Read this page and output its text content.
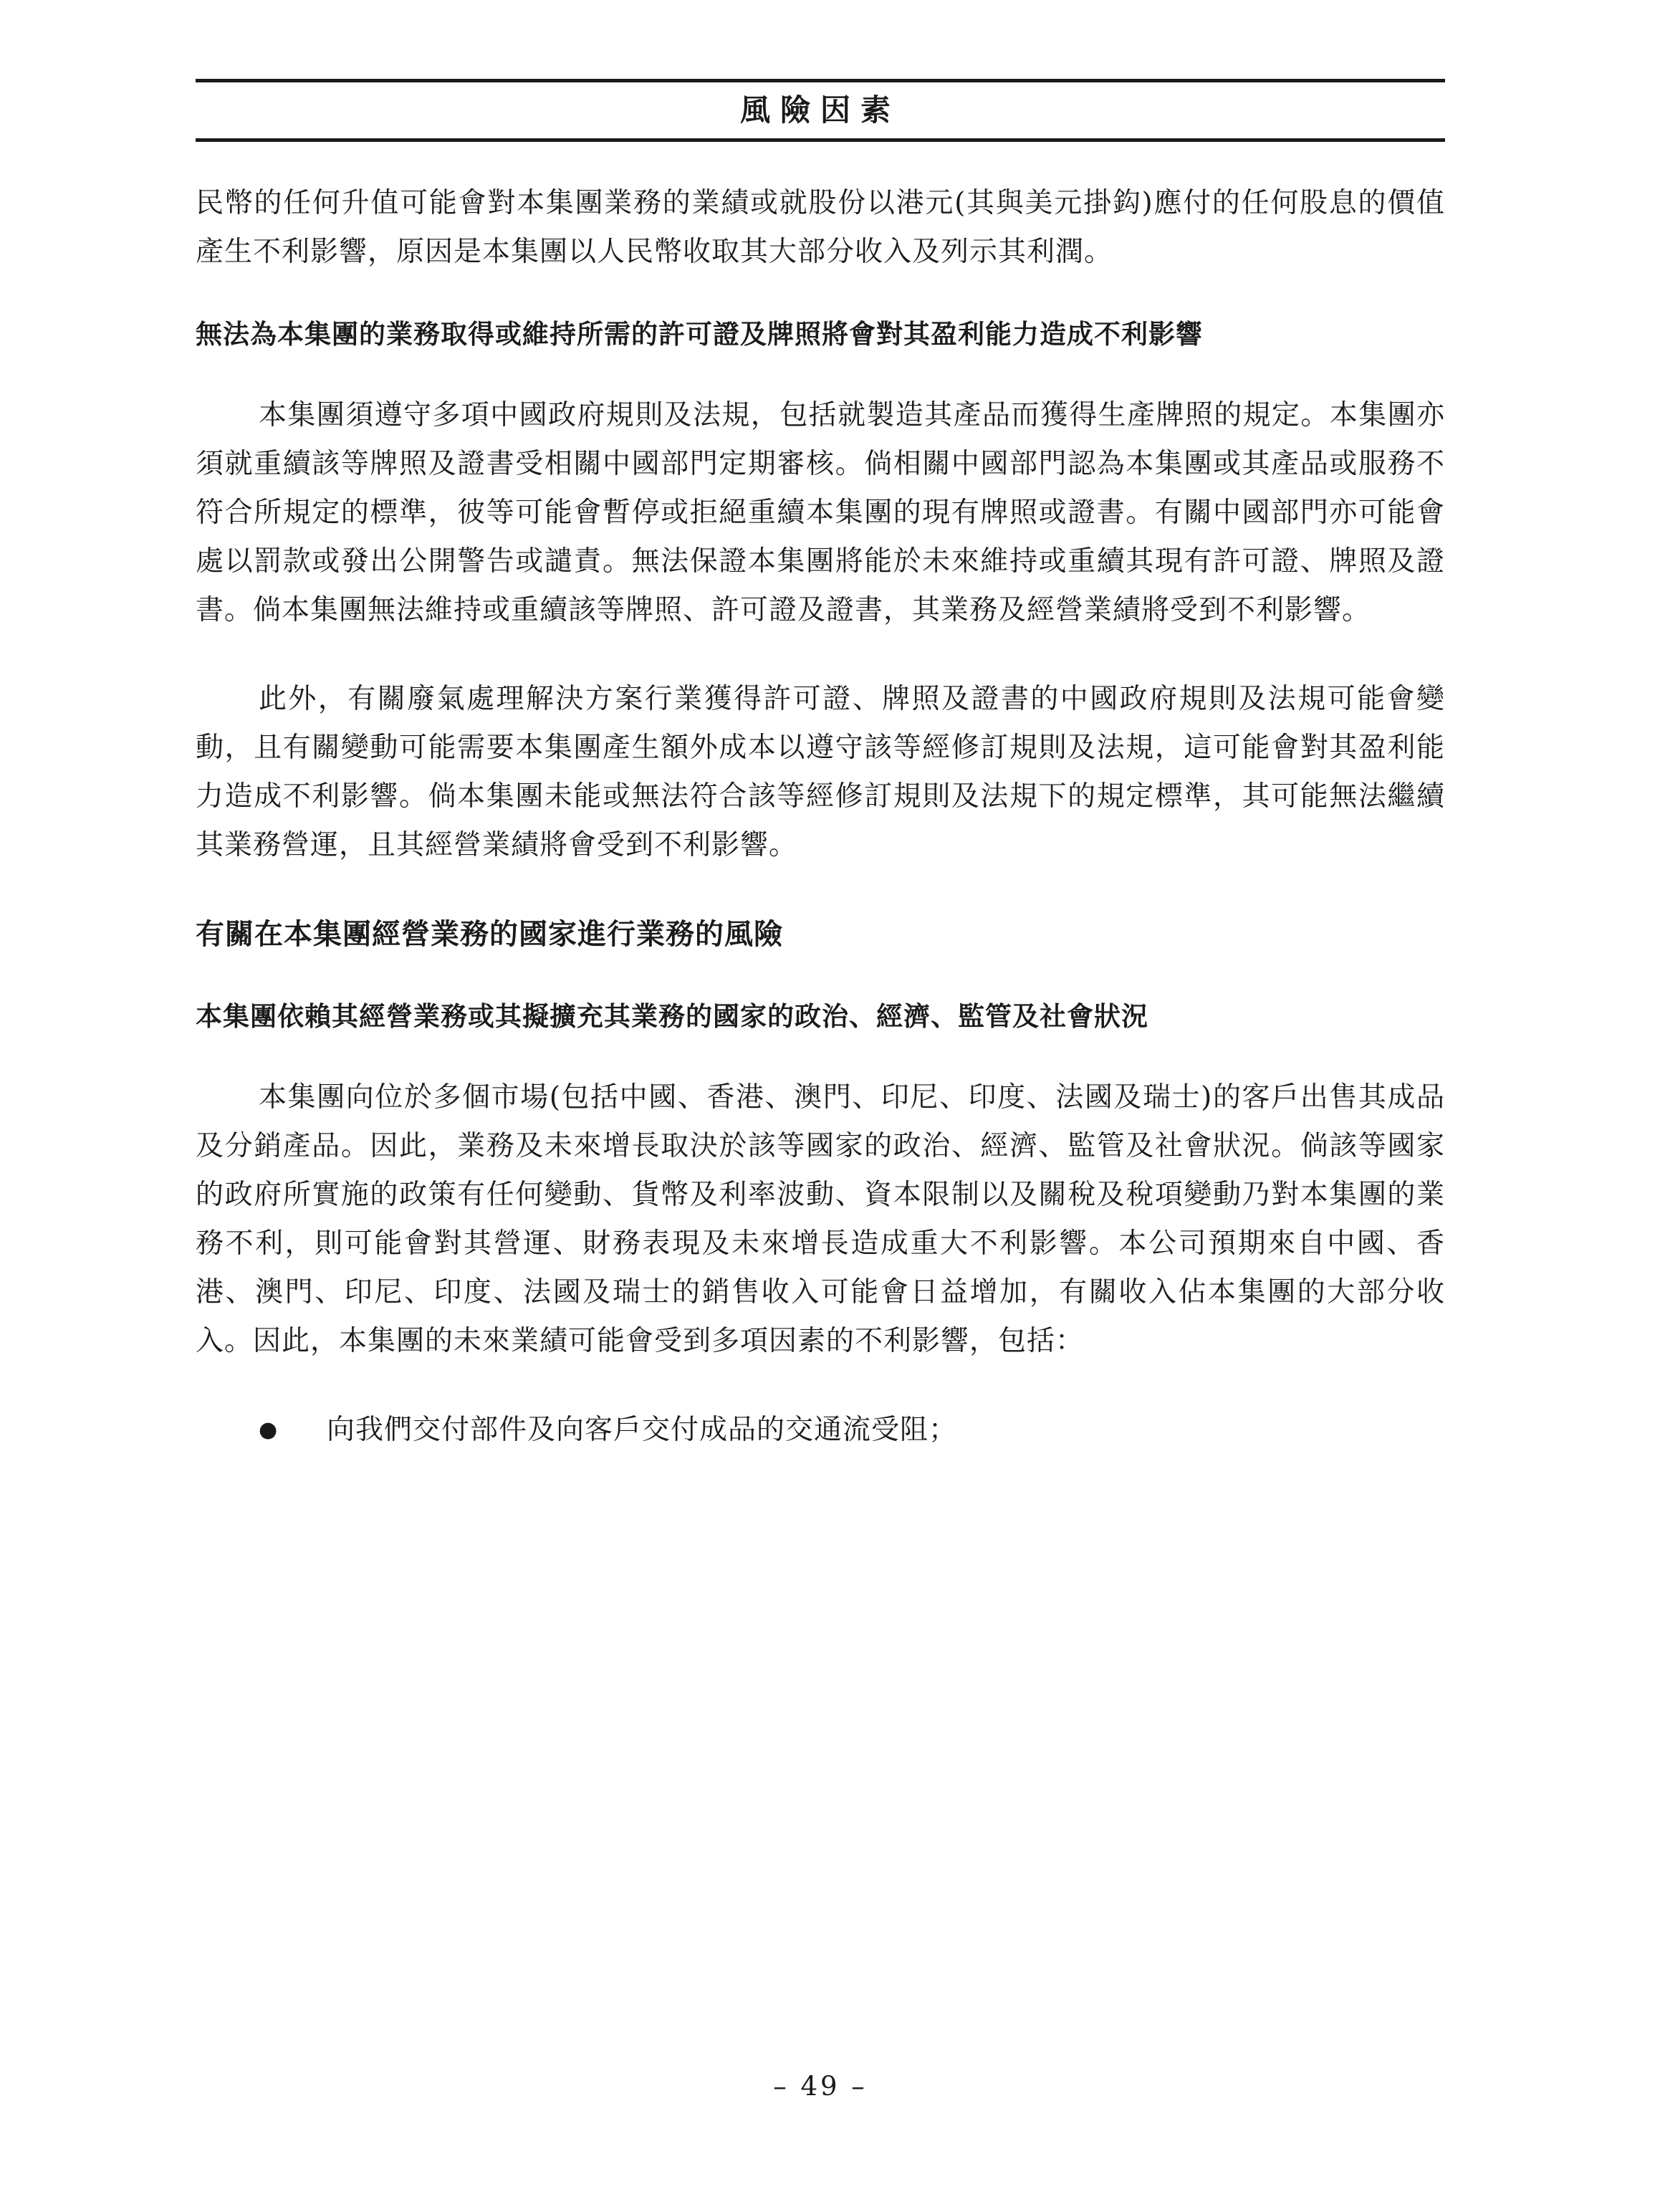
風險因素

民幣的任何升值可能會對本集團業務的業績或就股份以港元(其與美元掛鈎)應付的任何股息的價值產生不利影響，原因是本集團以人民幣收取其大部分收入及列示其利潤。

無法為本集團的業務取得或維持所需的許可證及牌照將會對其盈利能力造成不利影響

本集團須遵守多項中國政府規則及法規，包括就製造其產品而獲得生產牌照的規定。本集團亦須就重續該等牌照及證書受相關中國部門定期審核。倘相關中國部門認為本集團或其產品或服務不符合所規定的標準，彼等可能會暫停或拒絕重續本集團的現有牌照或證書。有關中國部門亦可能會處以罰款或發出公開警告或譴責。無法保證本集團將能於未來維持或重續其現有許可證、牌照及證書。倘本集團無法維持或重續該等牌照、許可證及證書，其業務及經營業績將受到不利影響。

此外，有關廢氣處理解決方案行業獲得許可證、牌照及證書的中國政府規則及法規可能會變動，且有關變動可能需要本集團產生額外成本以遵守該等經修訂規則及法規，這可能會對其盈利能力造成不利影響。倘本集團未能或無法符合該等經修訂規則及法規下的規定標準，其可能無法繼續其業務營運，且其經營業績將會受到不利影響。

有關在本集團經營業務的國家進行業務的風險

本集團依賴其經營業務或其擬擴充其業務的國家的政治、經濟、監管及社會狀況

本集團向位於多個市場(包括中國、香港、澳門、印尼、印度、法國及瑞士)的客戶出售其成品及分銷產品。因此，業務及未來增長取決於該等國家的政治、經濟、監管及社會狀況。倘該等國家的政府所實施的政策有任何變動、貨幣及利率波動、資本限制以及關稅及稅項變動乃對本集團的業務不利，則可能會對其營運、財務表現及未來增長造成重大不利影響。本公司預期來自中國、香港、澳門、印尼、印度、法國及瑞士的銷售收入可能會日益增加，有關收入佔本集團的大部分收入。因此，本集團的未來業績可能會受到多項因素的不利影響，包括：

●	向我們交付部件及向客戶交付成品的交通流受阻；
– 49 –
